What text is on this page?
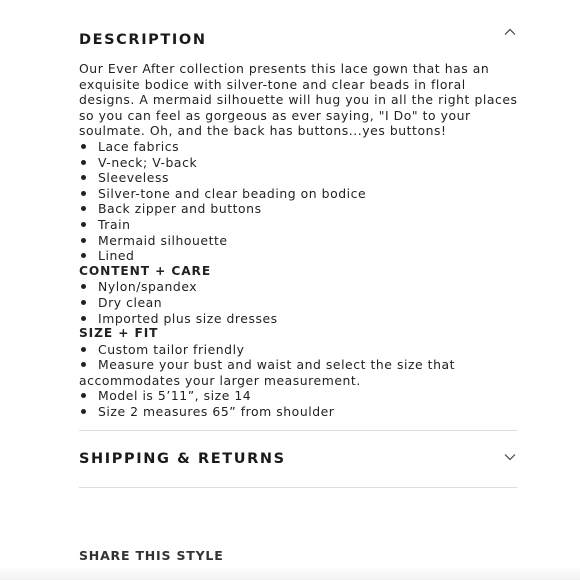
DESCRIPTION

Our Ever After collection presents this lace gown that has an exquisite bodice with silver-tone and clear beads in floral designs. A mermaid silhouette will hug you in all the right places so you can feel as gorgeous as ever saying, "I Do" to your soulmate. Oh, and the back has buttons...yes buttons!

Lace fabrics
V-neck; V-back
Sleeveless
Silver-tone and clear beading on bodice
Back zipper and buttons
Train
Mermaid silhouette
Lined
CONTENT + CARE
Nylon/spandex
Dry clean
Imported plus size dresses
SIZE + FIT
Custom tailor friendly
Measure your bust and waist and select the size that accommodates your larger measurement.
Model is 5’11”, size 14
Size 2 measures 65” from shoulder
SHIPPING & RETURNS
SHARE THIS STYLE
